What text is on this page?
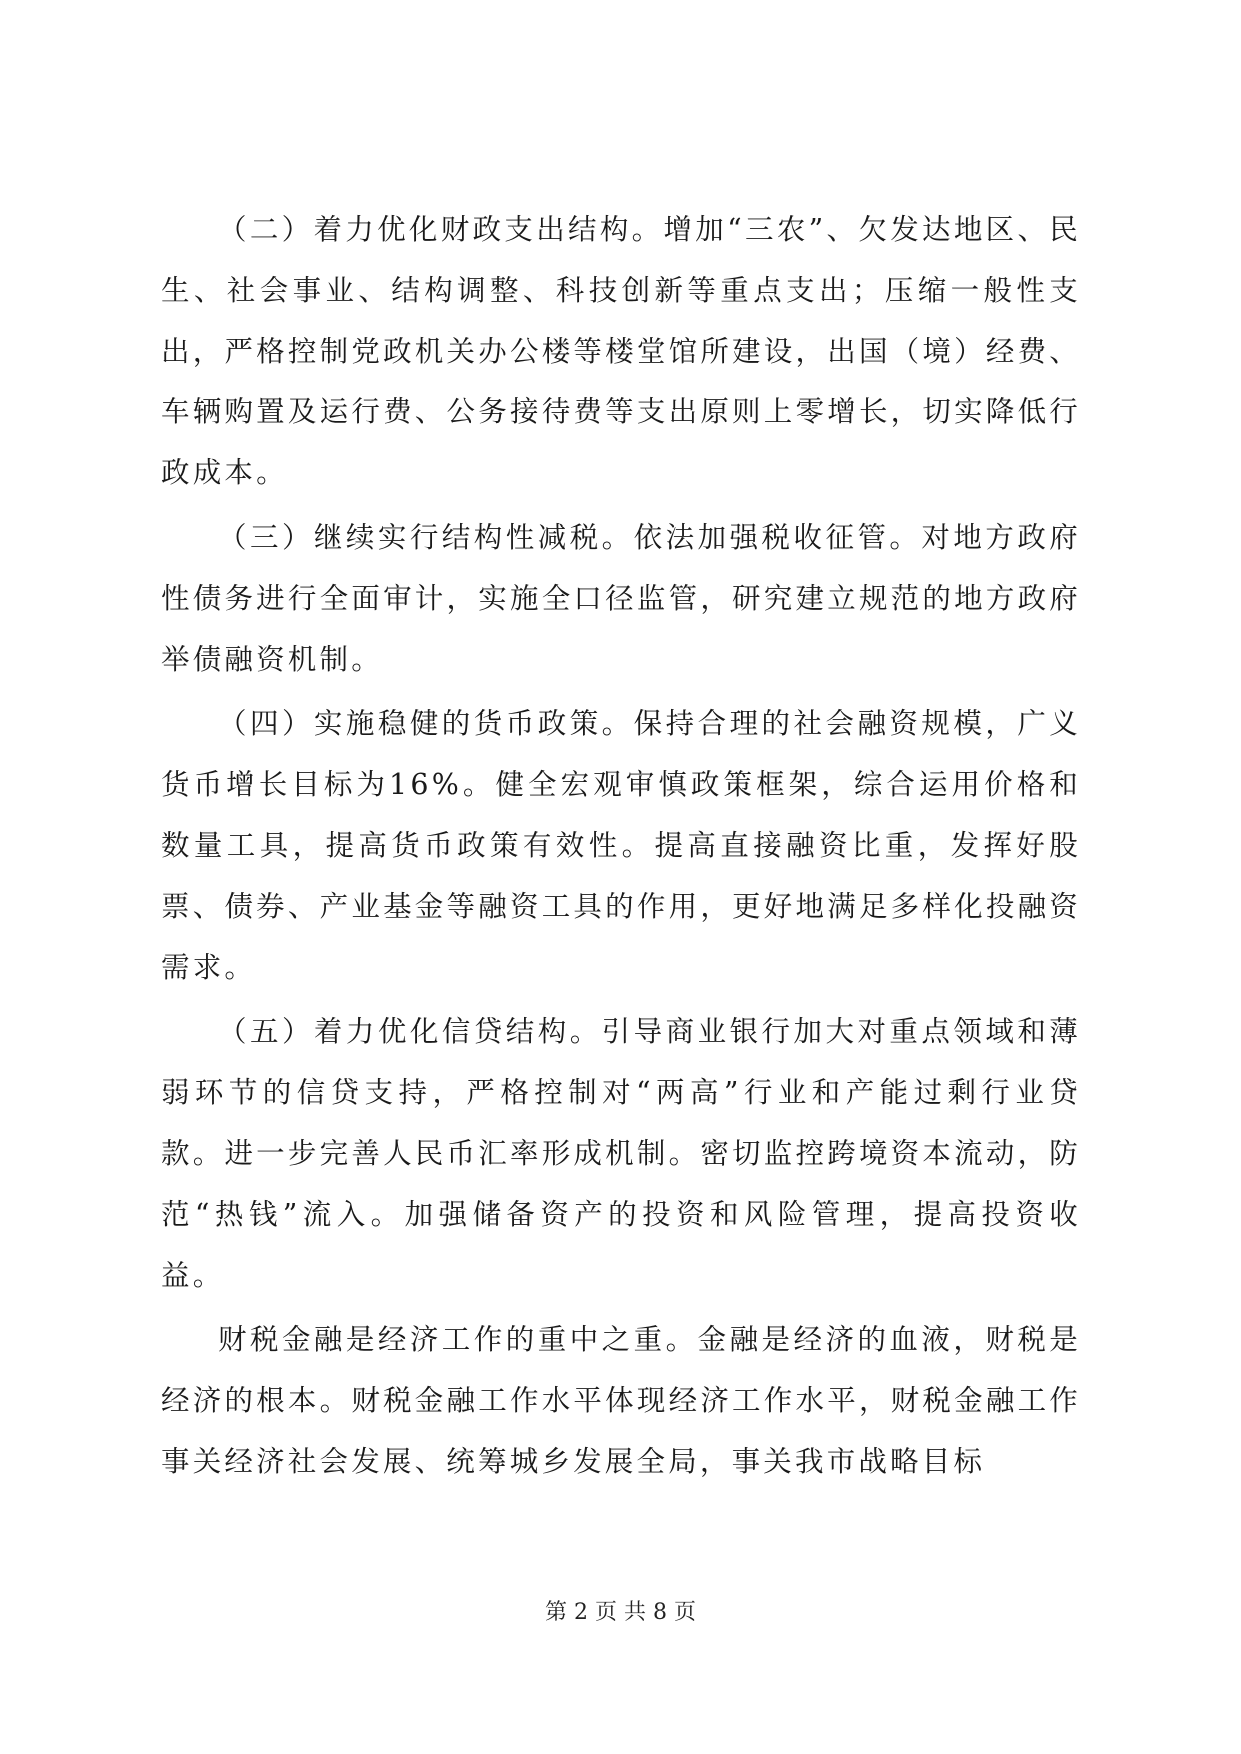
（二）着力优化财政支出结构。增加“三农”、欠发达地区、民生、社会事业、结构调整、科技创新等重点支出；压缩一般性支出，严格控制党政机关办公楼等楼堂馆所建设，出国（境）经费、车辆购置及运行费、公务接待费等支出原则上零增长，切实降低行政成本。

（三）继续实行结构性减税。依法加强税收征管。对地方政府性债务进行全面审计，实施全口径监管，研究建立规范的地方政府举债融资机制。

（四）实施稳健的货币政策。保持合理的社会融资规模，广义货币增长目标为16%。健全宏观审慎政策框架，综合运用价格和数量工具，提高货币政策有效性。提高直接融资比重，发挥好股票、债券、产业基金等融资工具的作用，更好地满足多样化投融资需求。

（五）着力优化信贷结构。引导商业银行加大对重点领域和薄弱环节的信贷支持，严格控制对“两高”行业和产能过剩行业贷款。进一步完善人民币汇率形成机制。密切监控跨境资本流动，防范“热钱”流入。加强储备资产的投资和风险管理，提高投资收益。

财税金融是经济工作的重中之重。金融是经济的血液，财税是经济的根本。财税金融工作水平体现经济工作水平，财税金融工作事关经济社会发展、统筹城乡发展全局，事关我市战略目标

第 2 页 共 8 页
